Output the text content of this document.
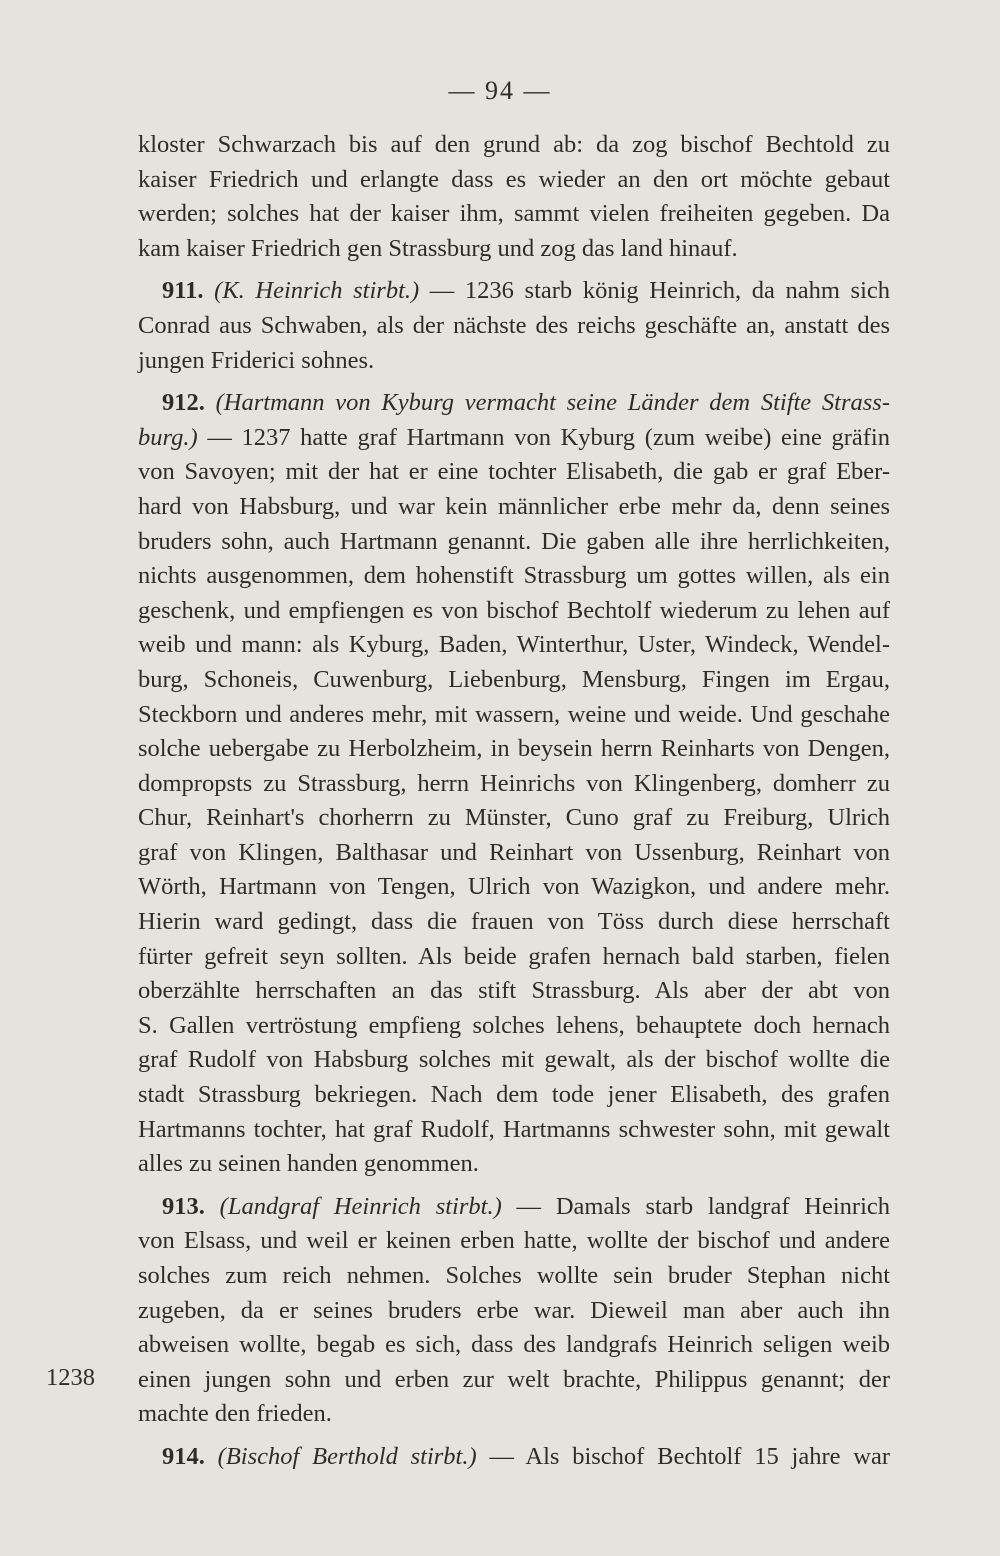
— 94 —
kloster Schwarzach bis auf den grund ab: da zog bischof Bechtold zu
kaiser Friedrich und erlangte dass es wieder an den ort möchte gebaut
werden; solches hat der kaiser ihm, sammt vielen freiheiten gegeben. Da
kam kaiser Friedrich gen Strassburg und zog das land hinauf.
911. (K. Heinrich stirbt.) — 1236 starb könig Heinrich, da nahm sich
Conrad aus Schwaben, als der nächste des reichs geschäfte an, anstatt des
jungen Friderici sohnes.
912. (Hartmann von Kyburg vermacht seine Länder dem Stifte Strass-
burg.) — 1237 hatte graf Hartmann von Kyburg (zum weibe) eine gräfin
von Savoyen; mit der hat er eine tochter Elisabeth, die gab er graf Eber-
hard von Habsburg, und war kein männlicher erbe mehr da, denn seines
bruders sohn, auch Hartmann genannt. Die gaben alle ihre herrlichkeiten,
nichts ausgenommen, dem hohenstift Strassburg um gottes willen, als ein
geschenk, und empfiengen es von bischof Bechtolf wiederum zu lehen auf
weib und mann: als Kyburg, Baden, Winterthur, Uster, Windeck, Wendel-
burg, Schoneis, Cuwenburg, Liebenburg, Mensburg, Fingen im Ergau,
Steckborn und anderes mehr, mit wassern, weine und weide. Und geschahe
solche uebergabe zu Herbolzheim, in beysein herrn Reinharts von Dengen,
dompropsts zu Strassburg, herrn Heinrichs von Klingenberg, domherr zu
Chur, Reinhart's chorherrn zu Münster, Cuno graf zu Freiburg, Ulrich
graf von Klingen, Balthasar und Reinhart von Ussenburg, Reinhart von
Wörth, Hartmann von Tengen, Ulrich von Wazigkon, und andere mehr.
Hierin ward gedingt, dass die frauen von Töss durch diese herrschaft
fürter gefreit seyn sollten. Als beide grafen hernach bald starben, fielen
oberzählte herrschaften an das stift Strassburg. Als aber der abt von
S. Gallen vertröstung empfieng solches lehens, behauptete doch hernach
graf Rudolf von Habsburg solches mit gewalt, als der bischof wollte die
stadt Strassburg bekriegen. Nach dem tode jener Elisabeth, des grafen
Hartmanns tochter, hat graf Rudolf, Hartmanns schwester sohn, mit gewalt
alles zu seinen handen genommen.
913. (Landgraf Heinrich stirbt.) — Damals starb landgraf Heinrich
von Elsass, und weil er keinen erben hatte, wollte der bischof und andere
solches zum reich nehmen. Solches wollte sein bruder Stephan nicht
zugeben, da er seines bruders erbe war. Dieweil man aber auch ihn
abweisen wollte, begab es sich, dass des landgrafs Heinrich seligen weib
einen jungen sohn und erben zur welt brachte, Philippus genannt; der
machte den frieden.
914. (Bischof Berthold stirbt.) — Als bischof Bechtolf 15 jahre war
1238
